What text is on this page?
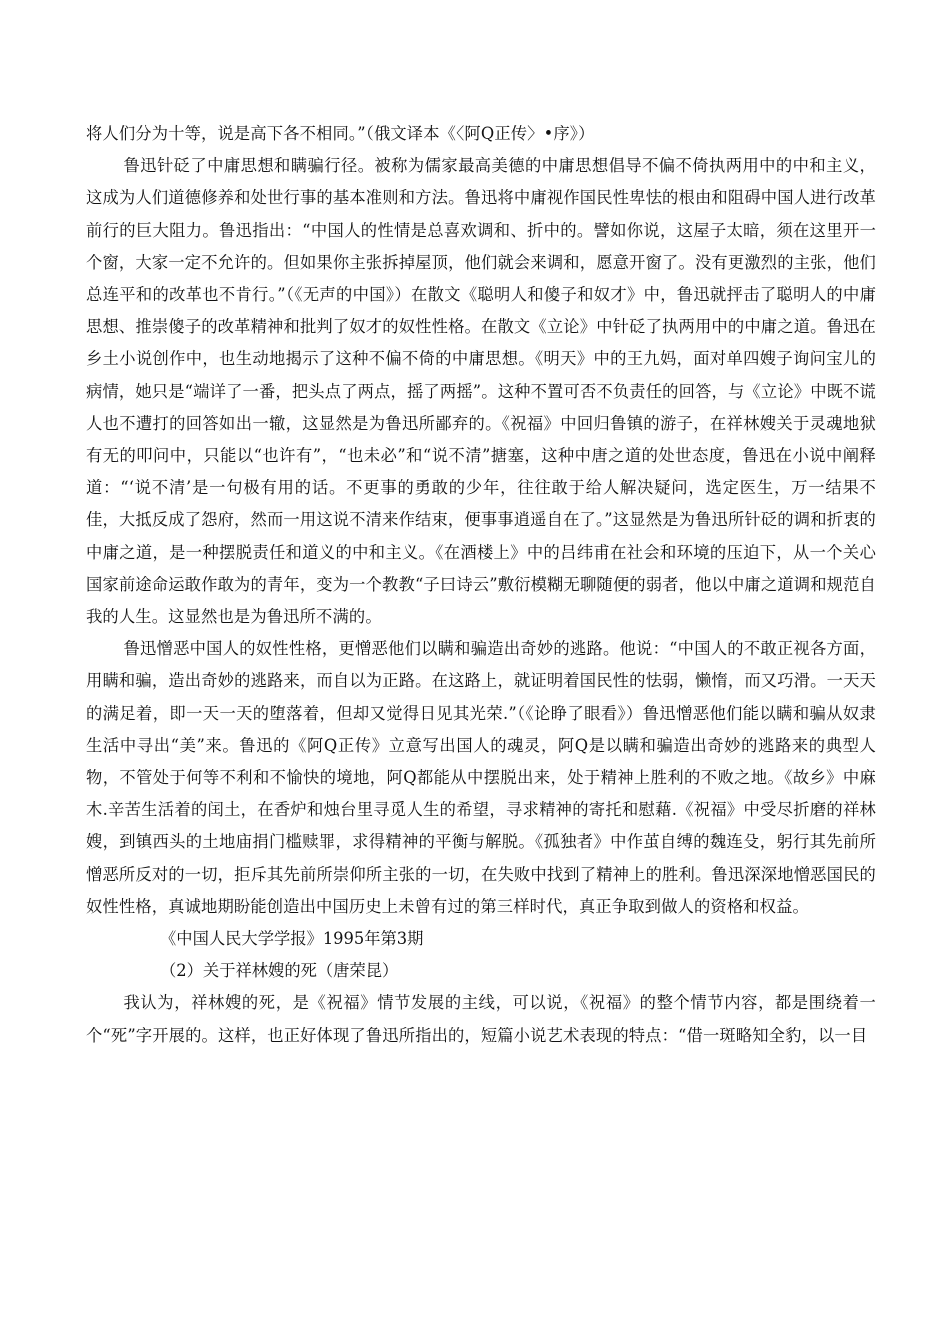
将人们分为十等，说是高下各不相同。”（俄文译本《〈阿Q正传〉•序》）

鲁迅针砭了中庸思想和瞒骗行径。被称为儒家最高美德的中庸思想倡导不偏不倚执两用中的中和主义，这成为人们道德修养和处世行事的基本准则和方法。鲁迅将中庸视作国民性卑怯的根由和阻碍中国人进行改革前行的巨大阻力。鲁迅指出：“中国人的性情是总喜欢调和、折中的。譬如你说，这屋子太暗，须在这里开一个窗，大家一定不允许的。但如果你主张拆掉屋顶，他们就会来调和，愿意开窗了。没有更激烈的主张，他们总连平和的改革也不肯行。”（《无声的中国》）在散文《聪明人和傻子和奴才》中，鲁迅就抨击了聪明人的中庸思想、推崇傻子的改革精神和批判了奴才的奴性性格。在散文《立论》中针砭了执两用中的中庸之道。鲁迅在乡土小说创作中，也生动地揭示了这种不偏不倚的中庸思想。《明天》中的王九妈，面对单四嫂子询问宝儿的病情，她只是“端详了一番，把头点了两点，摇了两摇”。这种不置可否不负责任的回答，与《立论》中既不谎人也不遭打的回答如出一辙，这显然是为鲁迅所鄙弃的。《祝福》中回归鲁镇的游子，在祥林嫂关于灵魂地狱有无的叩问中，只能以“也许有”，“也未必”和“说不清”搪塞，这种中唐之道的处世态度，鲁迅在小说中阐释道：“‘说不清’是一句极有用的话。不更事的勇敢的少年，往往敢于给人解决疑问，选定医生，万一结果不佳，大抵反成了怨府，然而一用这说不清来作结束，便事事逍遥自在了。”这显然是为鲁迅所针砭的调和折衷的中庸之道，是一种摆脱责任和道义的中和主义。《在酒楼上》中的吕纬甫在社会和环境的压迫下，从一个关心国家前途命运敢作敢为的青年，变为一个教教“子曰诗云”敷衍模糊无聊随便的弱者，他以中庸之道调和规范自我的人生。这显然也是为鲁迅所不满的。

鲁迅憎恶中国人的奴性性格，更憎恶他们以瞒和骗造出奇妙的逃路。他说：“中国人的不敢正视各方面，用瞒和骗，造出奇妙的逃路来，而自以为正路。在这路上，就证明着国民性的怯弱，懒惰，而又巧滑。一天天的满足着，即一天一天的堕落着，但却又觉得日见其光荣.”（《论睁了眼看》）鲁迅憎恶他们能以瞒和骗从奴隶生活中寻出“美”来。鲁迅的《阿Q正传》立意写出国人的魂灵，阿Q是以瞒和骗造出奇妙的逃路来的典型人物，不管处于何等不利和不愉快的境地，阿Q都能从中摆脱出来，处于精神上胜利的不败之地。《故乡》中麻木.辛苦生活着的闰土，在香炉和烛台里寻觅人生的希望，寻求精神的寄托和慰藉.《祝福》中受尽折磨的祥林嫂，到镇西头的土地庙捐门槛赎罪，求得精神的平衡与解脱。《孤独者》中作茧自缚的魏连殳，躬行其先前所憎恶所反对的一切，拒斥其先前所崇仰所主张的一切，在失败中找到了精神上的胜利。鲁迅深深地憎恶国民的奴性性格，真诚地期盼能创造出中国历史上未曾有过的第三样时代，真正争取到做人的资格和权益。

《中国人民大学学报》1995年第3期

（2）关于祥林嫂的死（唐荣昆）

我认为，祥林嫂的死，是《祝福》情节发展的主线，可以说，《祝福》的整个情节内容，都是围绕着一个“死”字开展的。这样，也正好体现了鲁迅所指出的，短篇小说艺术表现的特点：“借一斑略知全豹，以一目
